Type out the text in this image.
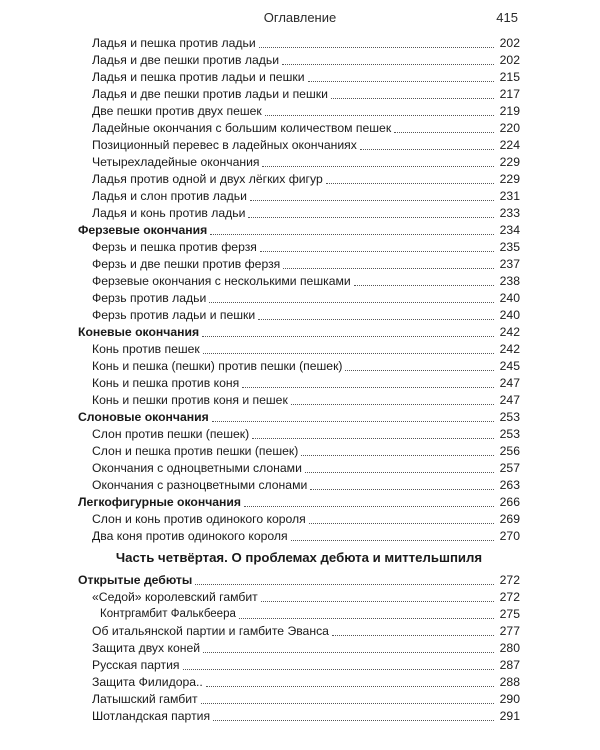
Оглавление	415
Ладья и пешка против ладьи	202
Ладья и две пешки против ладьи	202
Ладья и пешка против ладьи и пешки	215
Ладья и две пешки против ладьи и пешки	217
Две пешки против двух пешек	219
Ладейные окончания с большим количеством пешек	220
Позиционный перевес в ладейных окончаниях	224
Четырехладейные окончания	229
Ладья против одной и двух лёгких фигур	229
Ладья и слон против ладьи	231
Ладья и конь против ладьи	233
Ферзевые окончания	234
Ферзь и пешка против ферзя	235
Ферзь и две пешки против ферзя	237
Ферзевые окончания с несколькими пешками	238
Ферзь против ладьи	240
Ферзь против ладьи и пешки	240
Коневые окончания	242
Конь против пешек	242
Конь и пешка (пешки) против пешки (пешек)	245
Конь и пешка против коня	247
Конь и пешки против коня и пешек	247
Слоновые окончания	253
Слон против пешки (пешек)	253
Слон и пешка против пешки (пешек)	256
Окончания с одноцветными слонами	257
Окончания с разноцветными слонами	263
Легкофигурные окончания	266
Слон и конь против одинокого короля	269
Два коня против одинокого короля	270
Часть четвёртая. О проблемах дебюта и миттельшпиля
Открытые дебюты	272
«Седой» королевский гамбит	272
Контргамбит Фалькбеера	275
Об итальянской партии и гамбите Эванса	277
Защита двух коней	280
Русская партия	287
Защита Филидора..	288
Латышский гамбит	290
Шотландская партия	291
